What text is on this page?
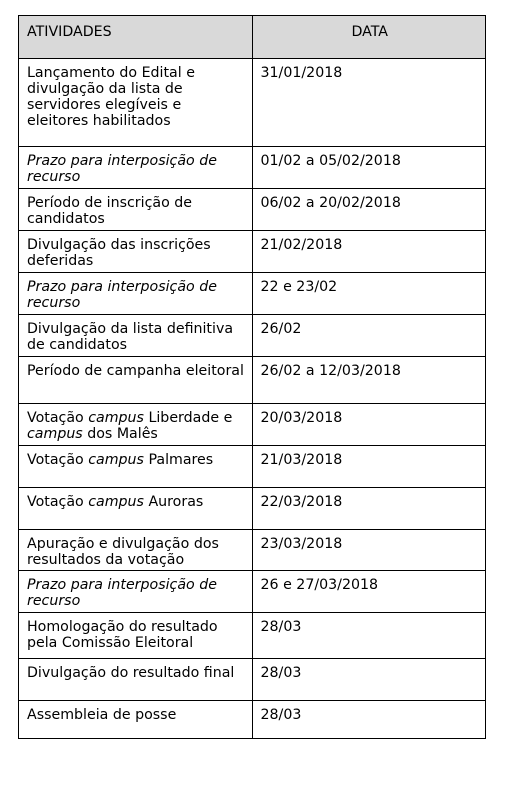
ATIVIDADES	DATA
Lançamento do Edital e divulgação da lista de servidores elegíveis e eleitores habilitados	31/01/2018
Prazo para interposição de recurso	01/02 a 05/02/2018
Período de inscrição de candidatos	06/02 a 20/02/2018
Divulgação das inscrições deferidas	21/02/2018
Prazo para interposição de recurso	22 e 23/02
Divulgação da lista definitiva de candidatos	26/02
Período de campanha eleitoral	26/02 a 12/03/2018
Votação campus Liberdade e campus dos Malês	20/03/2018
Votação campus Palmares	21/03/2018
Votação campus Auroras	22/03/2018
Apuração e divulgação dos resultados da votação	23/03/2018
Prazo para interposição de recurso	26 e 27/03/2018
Homologação do resultado pela Comissão Eleitoral	28/03
Divulgação do resultado final	28/03
Assembleia de posse	28/03
